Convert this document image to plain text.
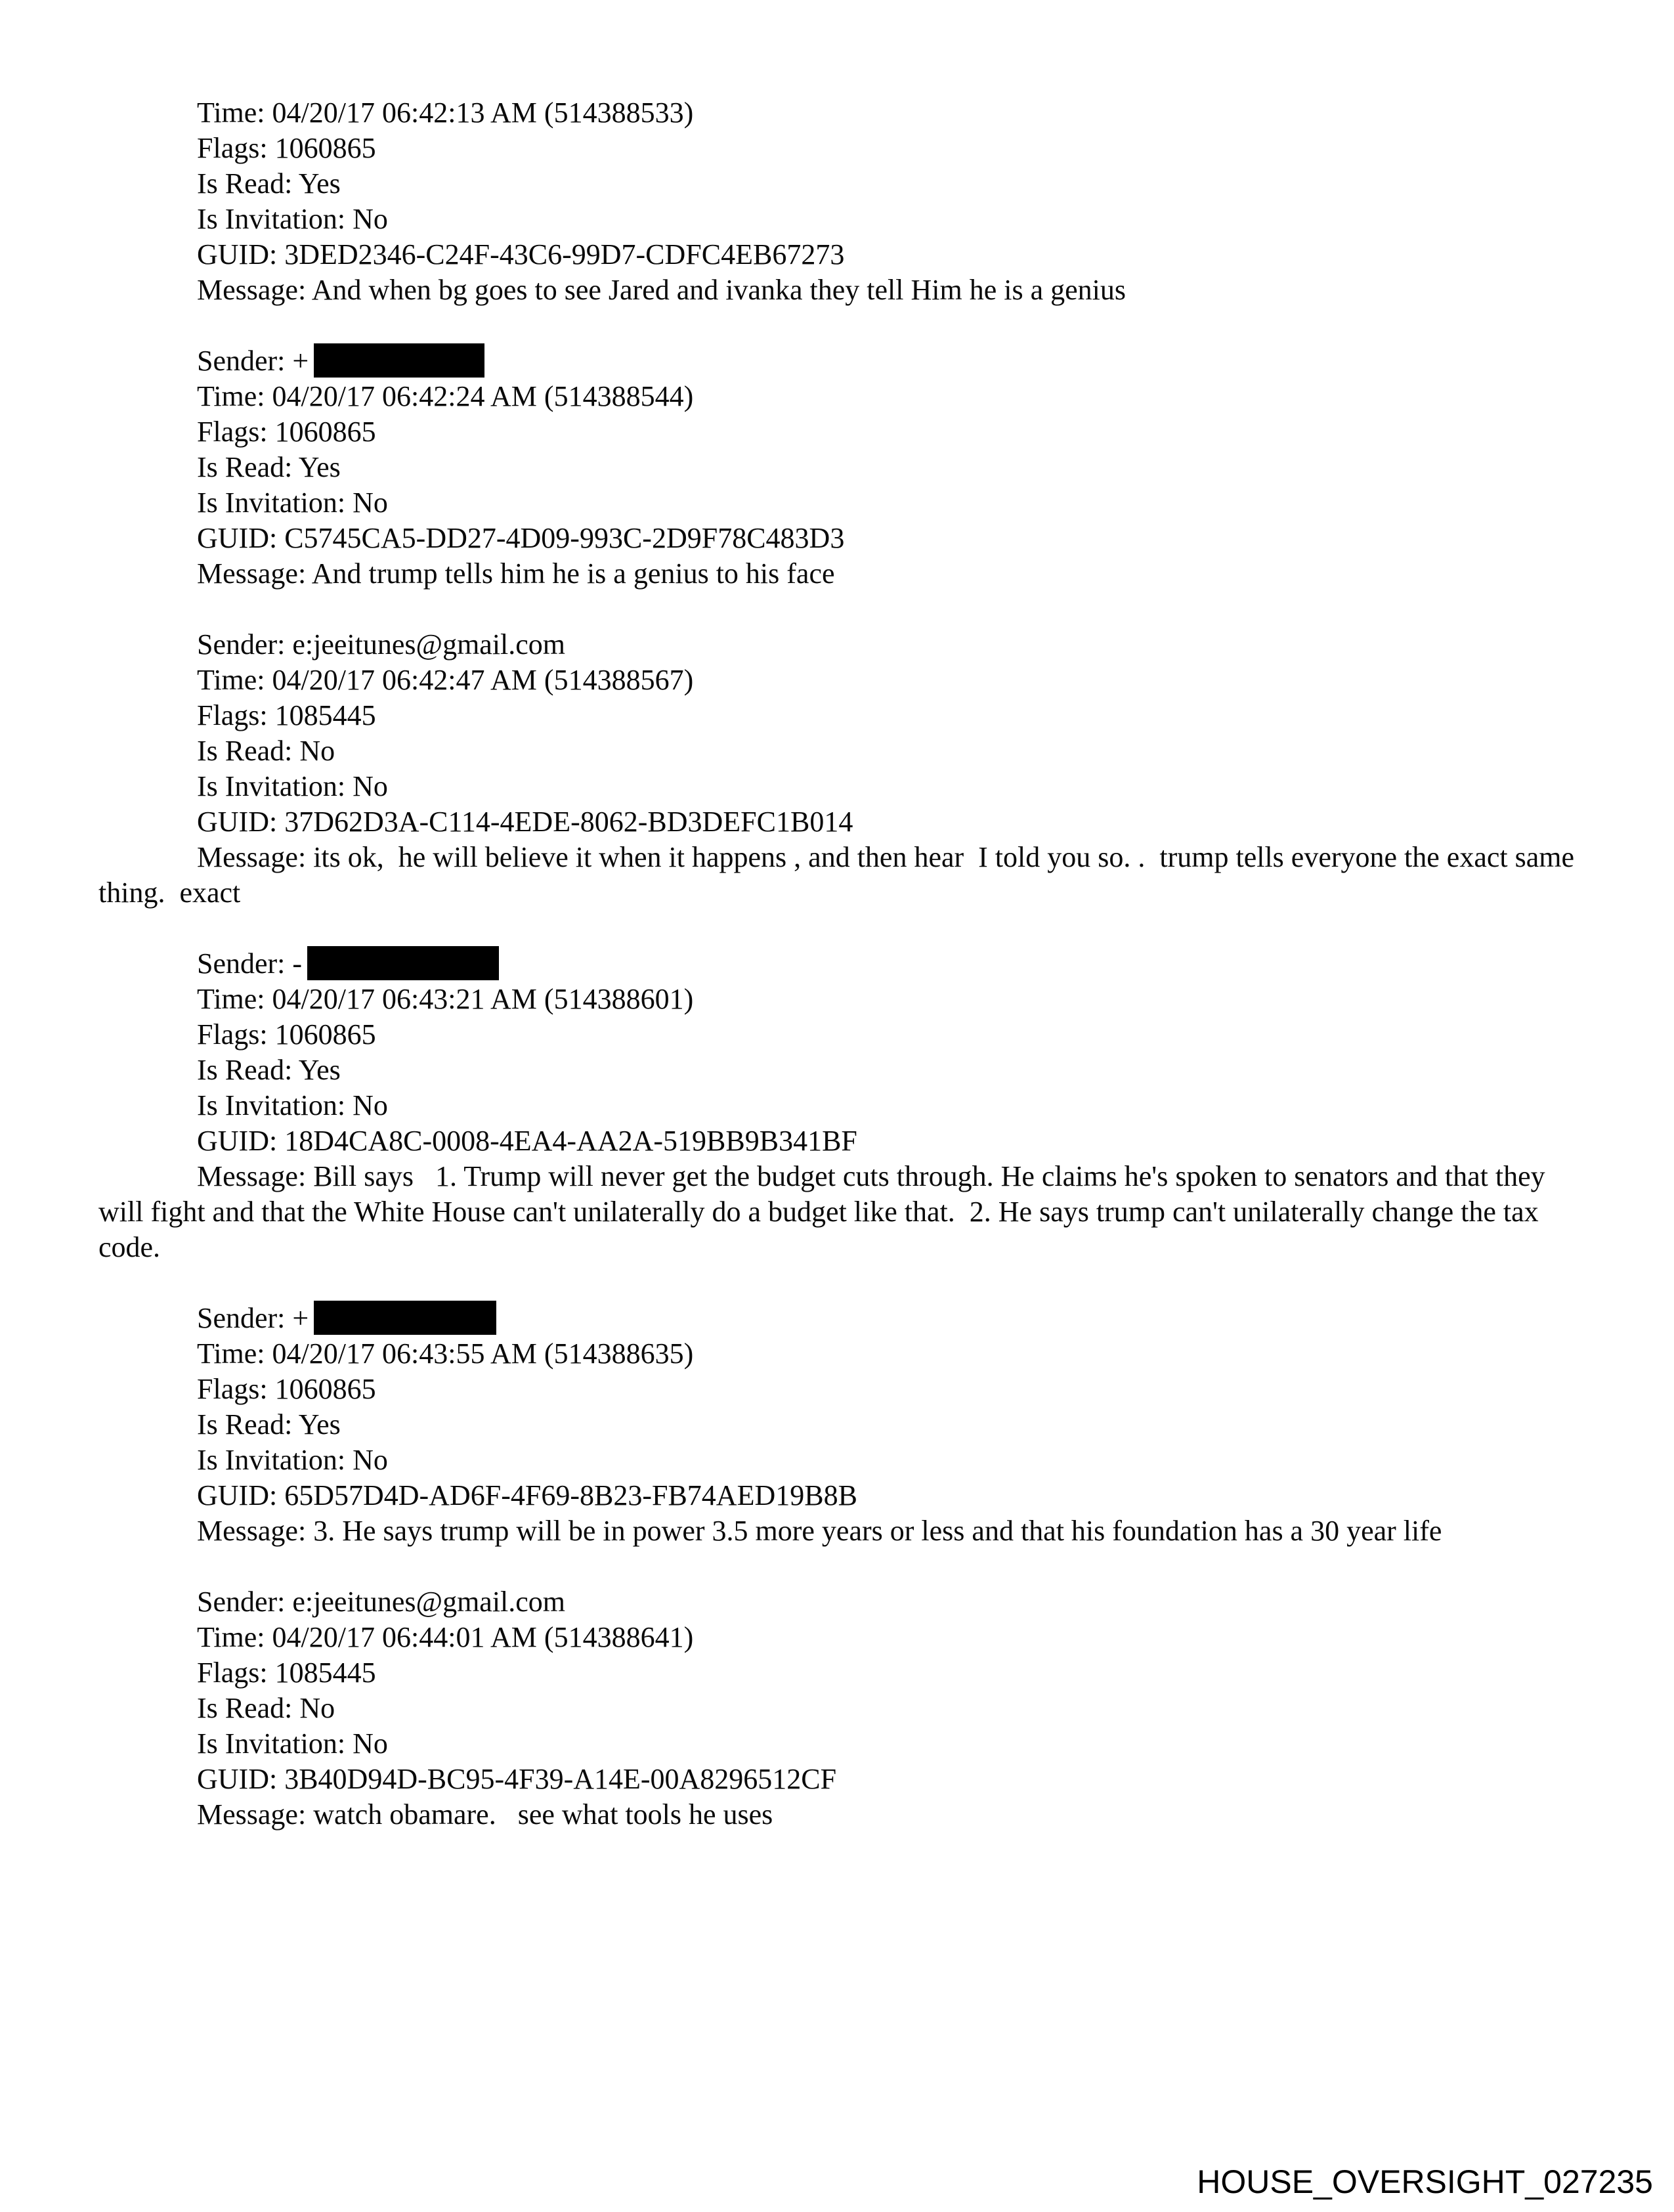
Time: 04/20/17 06:42:13 AM (514388533)

Flags: 1060865

Is Read: Yes

Is Invitation: No

GUID: 3DED2346-C24F-43C6-99D7-CDFC4EB67273

Message: And when bg goes to see Jared and ivanka they tell Him he is a genius

Sender: +

Time: 04/20/17 06:42:24 AM (514388544)

Flags: 1060865

Is Read: Yes

Is Invitation: No

GUID: C5745CA5-DD27-4D09-993C-2D9F78C483D3

Message: And trump tells him he is a genius to his face

Sender: e:jeeitunes@gmail.com

Time: 04/20/17 06:42:47 AM (514388567)

Flags: 1085445

Is Read: No

Is Invitation: No

GUID: 37D62D3A-C114-4EDE-8062-BD3DEFC1B014

Message: its ok,  he will believe it when it happens , and then hear  I told you so. .  trump tells everyone the exact same thing.  exact

Sender: -

Time: 04/20/17 06:43:21 AM (514388601)

Flags: 1060865

Is Read: Yes

Is Invitation: No

GUID: 18D4CA8C-0008-4EA4-AA2A-519BB9B341BF

Message: Bill says   1. Trump will never get the budget cuts through. He claims he's spoken to senators and that they will fight and that the White House can't unilaterally do a budget like that.  2. He says trump can't unilaterally change the tax code.

Sender: +

Time: 04/20/17 06:43:55 AM (514388635)

Flags: 1060865

Is Read: Yes

Is Invitation: No

GUID: 65D57D4D-AD6F-4F69-8B23-FB74AED19B8B

Message: 3. He says trump will be in power 3.5 more years or less and that his foundation has a 30 year life

Sender: e:jeeitunes@gmail.com

Time: 04/20/17 06:44:01 AM (514388641)

Flags: 1085445

Is Read: No

Is Invitation: No

GUID: 3B40D94D-BC95-4F39-A14E-00A8296512CF

Message: watch obamare.   see what tools he uses

HOUSE_OVERSIGHT_027235
